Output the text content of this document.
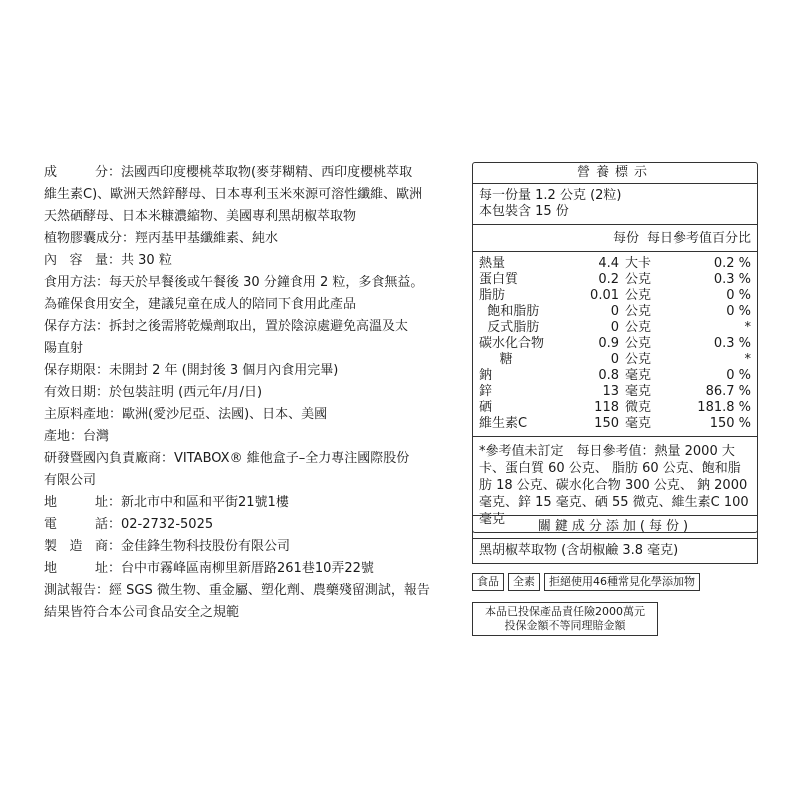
成　　分：法國西印度櫻桃萃取物(麥芽糊精、西印度櫻桃萃取
維生素C)、歐洲天然鋅酵母、日本專利玉米來源可溶性纖維、歐洲
天然硒酵母、日本米糠濃縮物、美國專利黑胡椒萃取物
植物膠囊成分：羥丙基甲基纖維素、純水
內容量：共 30 粒
食用方法：每天於早餐後或午餐後 30 分鐘食用 2 粒，多食無益。
為確保食用安全，建議兒童在成人的陪同下食用此產品
保存方法：拆封之後需將乾燥劑取出，置於陰涼處避免高溫及太
陽直射
保存期限：未開封 2 年 (開封後 3 個月內食用完畢)
有效日期：於包裝註明 (西元年/月/日)
主原料產地：歐洲(愛沙尼亞、法國)、日本、美國
產地：台灣
研發暨國內負責廠商：VITABOX® 維他盒子–全力專注國際股份
有限公司
地址：新北市中和區和平街21號1樓
電話：02-2732-5025
製造商：金佳鋒生物科技股份有限公司
地址：台中市霧峰區南柳里新厝路261巷10弄22號
測試報告：經 SGS 微生物、重金屬、塑化劑、農藥殘留測試，報告
結果皆符合本公司食品安全之規範
營養標示
每一份量 1.2 公克 (2粒)
本包裝含 15 份
每份 每日參考值百分比
熱量	4.4	大卡	0.2 %
蛋白質	0.2	公克	0.3 %
脂肪	0.01	公克	0 %
飽和脂肪	0	公克	0 %
反式脂肪	0	公克	*
碳水化合物	0.9	公克	0.3 %
糖	0	公克	*
鈉	0.8	毫克	0 %
鋅	13	毫克	86.7 %
硒	118	微克	181.8 %
維生素C	150	毫克	150 %
*參考值未訂定　每日參考值：熱量 2000 大卡、蛋白質 60 公克、 脂肪 60 公克、飽和脂肪 18 公克、碳水化合物 300 公克、 鈉 2000 毫克、鋅 15 毫克、硒 55 微克、維生素C 100 毫克	關鍵成分添加(每份)
黑胡椒萃取物 (含胡椒鹼 3.8 毫克)
食品	全素	拒絕使用46種常見化學添加物
本品已投保產品責任險2000萬元
投保金額不等同理賠金額
